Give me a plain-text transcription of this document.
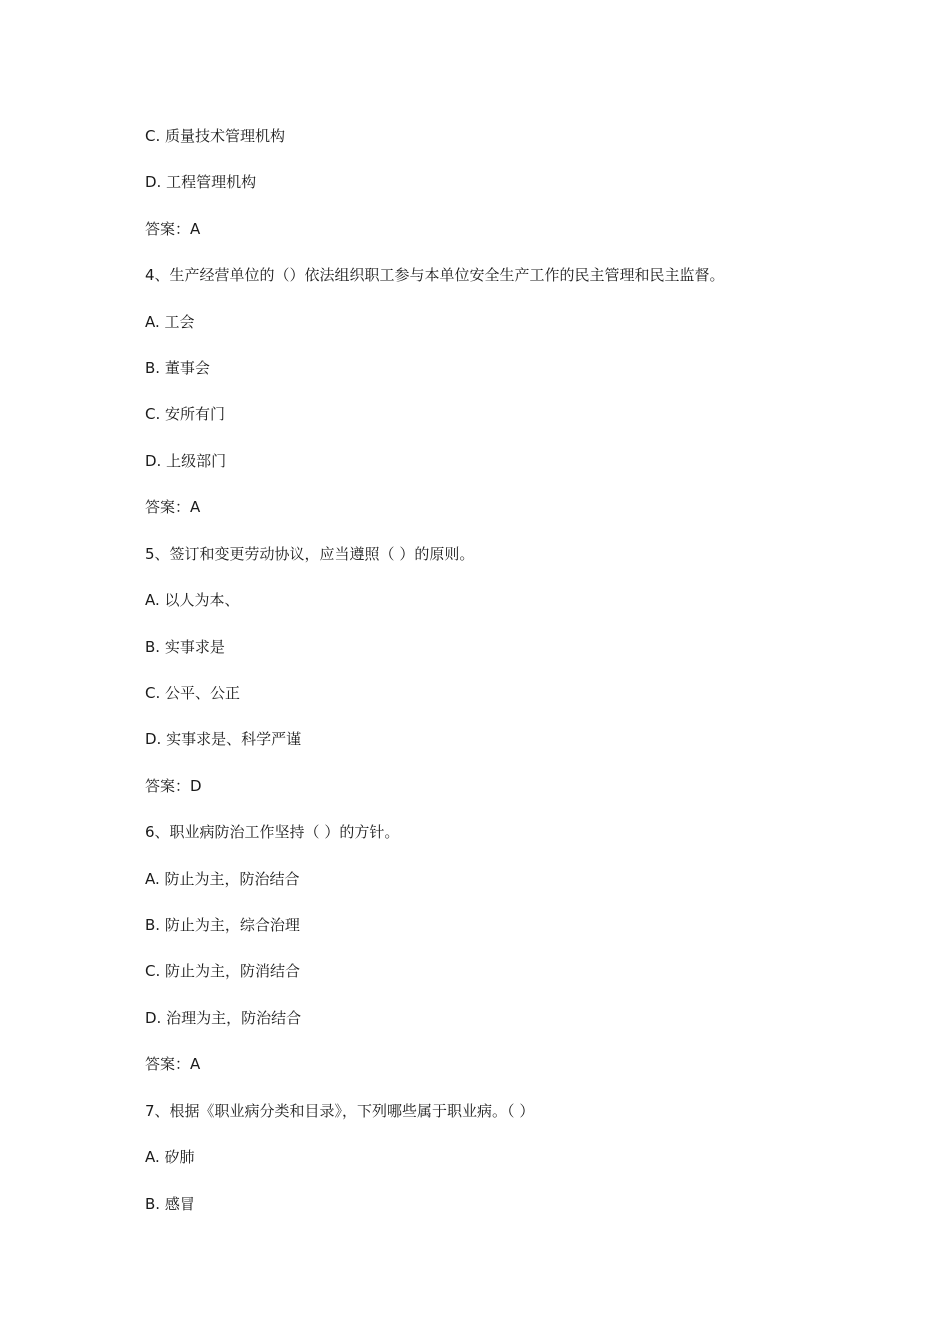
C. 质量技术管理机构
D. 工程管理机构
答案：A
4、生产经营单位的（）依法组织职工参与本单位安全生产工作的民主管理和民主监督。
A. 工会
B. 董事会
C. 安所有门
D. 上级部门
答案：A
5、签订和变更劳动协议，应当遵照（ ）的原则。
A. 以人为本、
B. 实事求是
C. 公平、公正
D. 实事求是、科学严谨
答案：D
6、职业病防治工作坚持（ ）的方针。
A. 防止为主，防治结合
B. 防止为主，综合治理
C. 防止为主，防消结合
D. 治理为主，防治结合
答案：A
7、根据《职业病分类和目录》，下列哪些属于职业病。（ ）
A. 矽肺
B. 感冒
